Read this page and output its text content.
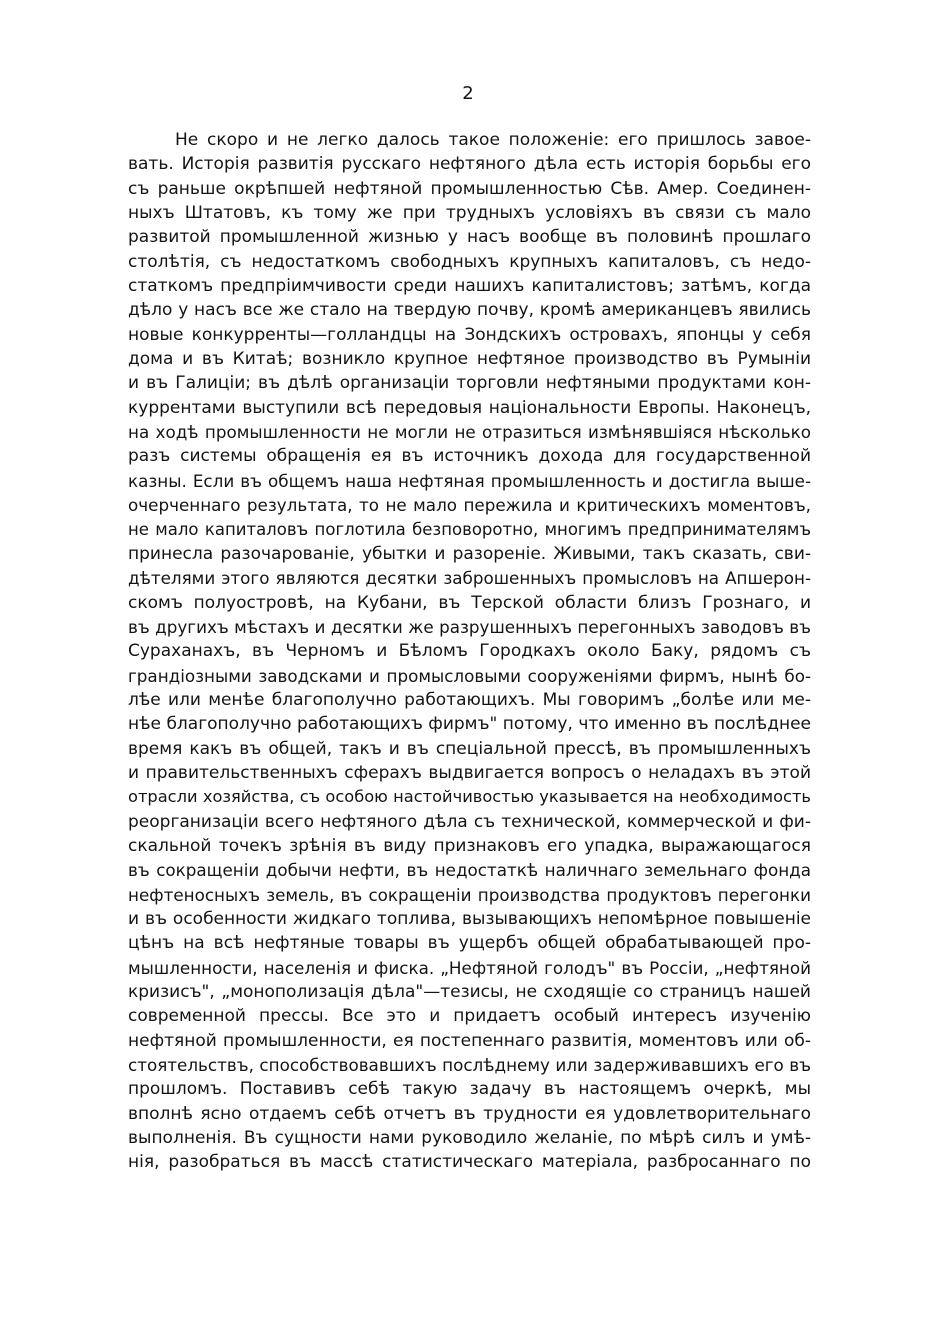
2
Не скоро и не легко далось такое положеніе: его пришлось завое-
вать. Исторія развитія русскаго нефтяного дѣла есть исторія борьбы его
съ раньше окрѣпшей нефтяной промышленностью Сѣв. Амер. Соединен-
ныхъ Штатовъ, къ тому же при трудныхъ условіяхъ въ связи съ мало
развитой промышленной жизнью у насъ вообще въ половинѣ прошлаго
столѣтія, съ недостаткомъ свободныхъ крупныхъ капиталовъ, съ недо-
статкомъ предпріимчивости среди нашихъ капиталистовъ; затѣмъ, когда
дѣло у насъ все же стало на твердую почву, кромѣ американцевъ явились
новые конкурренты—голландцы на Зондскихъ островахъ, японцы у себя
дома и въ Китаѣ; возникло крупное нефтяное производство въ Румыніи
и въ Галиціи; въ дѣлѣ организаціи торговли нефтяными продуктами кон-
куррентами выступили всѣ передовыя національности Европы. Наконецъ,
на ходѣ промышленности не могли не отразиться измѣнявшіяся нѣсколько
разъ системы обращенія ея въ источникъ дохода для государственной
казны. Если въ общемъ наша нефтяная промышленность и достигла выше-
очерченнаго результата, то не мало пережила и критическихъ моментовъ,
не мало капиталовъ поглотила безповоротно, многимъ предпринимателямъ
принесла разочарованіе, убытки и разореніе. Живыми, такъ сказать, сви-
дѣтелями этого являются десятки заброшенныхъ промысловъ на Апшерон-
скомъ полуостровѣ, на Кубани, въ Терской области близъ Грознаго, и
въ другихъ мѣстахъ и десятки же разрушенныхъ перегонныхъ заводовъ въ
Сураханахъ, въ Черномъ и Бѣломъ Городкахъ около Баку, рядомъ съ
грандіозными заводсками и промысловыми сооруженіями фирмъ, нынѣ бо-
лѣе или менѣе благополучно работающихъ. Мы говоримъ „болѣе или ме-
нѣе благополучно работающихъ фирмъ" потому, что именно въ послѣднее
время какъ въ общей, такъ и въ спеціальной прессѣ, въ промышленныхъ
и правительственныхъ сферахъ выдвигается вопросъ о неладахъ въ этой
отрасли хозяйства, съ особою настойчивостью указывается на необходимость
реорганизаціи всего нефтяного дѣла съ технической, коммерческой и фи-
скальной точекъ зрѣнія въ виду признаковъ его упадка, выражающагося
въ сокращеніи добычи нефти, въ недостаткѣ наличнаго земельнаго фонда
нефтеносныхъ земель, въ сокращеніи производства продуктовъ перегонки
и въ особенности жидкаго топлива, вызывающихъ непомѣрное повышеніе
цѣнъ на всѣ нефтяные товары въ ущербъ общей обрабатывающей про-
мышленности, населенія и фиска. „Нефтяной голодъ" въ Россіи, „нефтяной
кризисъ", „монополизація дѣла"—тезисы, не сходящіе со страницъ нашей
современной прессы. Все это и придаетъ особый интересъ изученію
нефтяной промышленности, ея постепеннаго развитія, моментовъ или об-
стоятельствъ, способствовавшихъ послѣднему или задерживавшихъ его въ
прошломъ. Поставивъ себѣ такую задачу въ настоящемъ очеркѣ, мы
вполнѣ ясно отдаемъ себѣ отчетъ въ трудности ея удовлетворительнаго
выполненія. Въ сущности нами руководило желаніе, по мѣрѣ силъ и умѣ-
нія, разобраться въ массѣ статистическаго матеріала, разбросаннаго по
